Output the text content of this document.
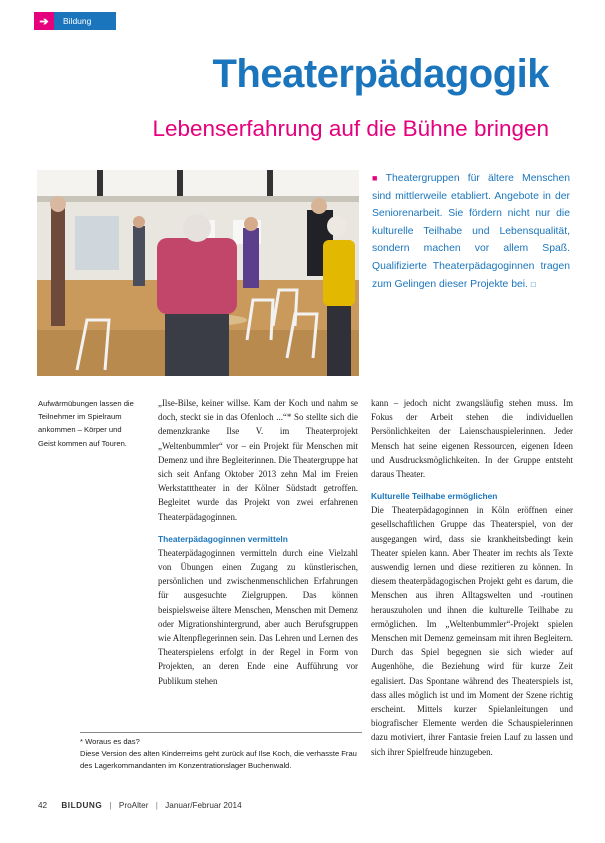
➔	Bildung
Theaterpädagogik
Lebenserfahrung auf die Bühne bringen
■ Theatergruppen für ältere Menschen sind mittlerweile etabliert. Angebote in der Seniorenarbeit. Sie fördern nicht nur die kulturelle Teilhabe und Lebensqualität, sondern machen vor allem Spaß. Qualifizierte Theaterpädagoginnen tragen zum Gelingen dieser Projekte bei. □
Aufwärmübungen lassen die Teilnehmer im Spielraum ankommen – Körper und Geist kommen auf Touren.

„Ilse-Bilse, keiner willse. Kam der Koch und nahm se doch, steckt sie in das Ofenloch ...“* So stellte sich die demenzkranke Ilse V. im Theaterprojekt „Weltenbummler“ vor – ein Projekt für Menschen mit Demenz und ihre Begleiterinnen. Die Theatergruppe hat sich seit Anfang Oktober 2013 zehn Mal im Freien Werkstatttheater in der Kölner Südstadt getroffen. Begleitet wurde das Projekt von zwei erfahrenen Theaterpädagoginnen.

Theaterpädagoginnen vermitteln

Theaterpädagoginnen vermitteln durch eine Vielzahl von Übungen einen Zugang zu künstlerischen, persönlichen und zwischenmenschlichen Erfahrungen für ausgesuchte Zielgruppen. Das können beispielsweise ältere Menschen, Menschen mit Demenz oder Migrationshintergrund, aber auch Berufsgruppen wie Altenpflegerinnen sein. Das Lehren und Lernen des Theaterspielens erfolgt in der Regel in Form von Projekten, an deren Ende eine Aufführung vor Publikum stehen

kann – jedoch nicht zwangsläufig stehen muss. Im Fokus der Arbeit stehen die individuellen Persönlichkeiten der Laienschauspielerinnen. Jeder Mensch hat seine eigenen Ressourcen, eigenen Ideen und Ausdrucksmöglichkeiten. In der Gruppe entsteht daraus Theater.

Kulturelle Teilhabe ermöglichen

Die Theaterpädagoginnen in Köln eröffnen einer gesellschaftlichen Gruppe das Theaterspiel, von der ausgegangen wird, dass sie krankheitsbedingt kein Theater spielen kann. Aber Theater im rechts als Texte auswendig lernen und diese rezitieren zu können. In diesem theaterpädagogischen Projekt geht es darum, die Menschen aus ihren Alltagswelten und -routinen herauszuholen und ihnen die kulturelle Teilhabe zu ermöglichen. Im „Weltenbummler“-Projekt spielen Menschen mit Demenz gemeinsam mit ihren Begleitern. Durch das Spiel begegnen sie sich wieder auf Augenhöhe, die Beziehung wird für kurze Zeit egalisiert. Das Spontane während des Theaterspiels ist, dass alles möglich ist und im Moment der Szene richtig erscheint. Mittels kurzer Spielanleitungen und biografischer Elemente werden die Schauspielerinnen dazu motiviert, ihrer Fantasie freien Lauf zu lassen und sich ihrer Spielfreude hinzugeben.

* Woraus es das?

Diese Version des alten Kinderreims geht zurück auf Ilse Koch, die verhasste Frau des Lagerkommandanten im Konzentrationslager Buchenwald.

42 BILDUNG | ProAlter | Januar/Februar 2014
